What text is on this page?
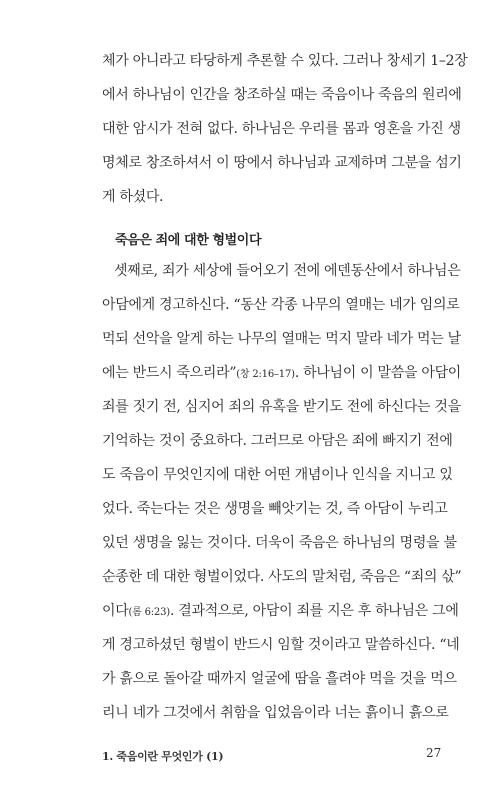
체가 아니라고 타당하게 추론할 수 있다. 그러나 창세기 1–2장
에서 하나님이 인간을 창조하실 때는 죽음이나 죽음의 원리에
대한 암시가 전혀 없다. 하나님은 우리를 몸과 영혼을 가진 생
명체로 창조하셔서 이 땅에서 하나님과 교제하며 그분을 섬기
게 하셨다.
죽음은 죄에 대한 형벌이다
셋째로, 죄가 세상에 들어오기 전에 에덴동산에서 하나님은
아담에게 경고하신다. “동산 각종 나무의 열매는 네가 임의로
먹되 선악을 알게 하는 나무의 열매는 먹지 말라 네가 먹는 날
에는 반드시 죽으리라”(창 2:16–17). 하나님이 이 말씀을 아담이
죄를 짓기 전, 심지어 죄의 유혹을 받기도 전에 하신다는 것을
기억하는 것이 중요하다. 그러므로 아담은 죄에 빠지기 전에
도 죽음이 무엇인지에 대한 어떤 개념이나 인식을 지니고 있
었다. 죽는다는 것은 생명을 빼앗기는 것, 즉 아담이 누리고
있던 생명을 잃는 것이다. 더욱이 죽음은 하나님의 명령을 불
순종한 데 대한 형벌이었다. 사도의 말처럼, 죽음은 “죄의 삯”
이다(롬 6:23). 결과적으로, 아담이 죄를 지은 후 하나님은 그에
게 경고하셨던 형벌이 반드시 임할 것이라고 말씀하신다. “네
가 흙으로 돌아갈 때까지 얼굴에 땀을 흘려야 먹을 것을 먹으
리니 네가 그것에서 취함을 입었음이라 너는 흙이니 흙으로
1. 죽음이란 무엇인가 (1)	27
